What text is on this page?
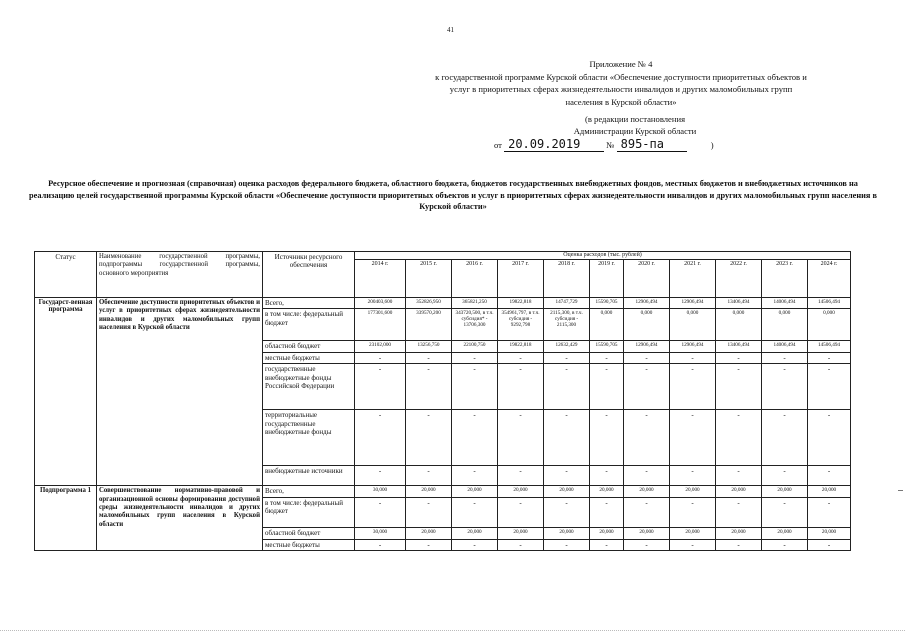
41
Приложение № 4
к государственной программе Курской области «Обеспечение доступности приоритетных объектов и
услуг в приоритетных сферах жизнедеятельности инвалидов и других маломобильных групп
населения в Курской области»
(в редакции постановления
Администрации Курской области
от 20.09.2019	№ 895-па	)
Ресурсное обеспечение и прогнозная (справочная) оценка расходов федерального бюджета, областного бюджета, бюджетов государственных внебюджетных фондов, местных бюджетов и внебюджетных источников на реализацию целей государственной программы Курской области «Обеспечение доступности приоритетных объектов и услуг в приоритетных сферах жизнедеятельности инвалидов и других маломобильных групп населения в Курской области»
Статус	Наименование государственной программы, подпрограммы государственной программы, основного мероприятия	Источники ресурсного обеспечения	Оценка расходов (тыс. рублей)										
			2014 г.	2015 г.	2016 г.	2017 г.	2018 г.	2019 г.	2020 г.	2021 г.	2022 г.	2023 г.	2024 г.
Государст-венная программа	Обеспечение доступности приоритетных объектов и услуг в приоритетных сферах жизнедеятельности инвалидов и других маломобильных групп населения в Курской области	Всего,	200403,600	352826,950	365821,250	19822,818	14747,729	15590,705	12906,494	12906,494	13406,494	14006,494	14506,494
		в том числе: федеральный бюджет	177301,600	339570,200	343720,500, в т.ч. субсидия* - 13706,300	354961,797, в т.ч. субсидия - 9292,798	2115,300, в т.ч. субсидия - 2115,300	0,000	0,000	0,000	0,000	0,000	0,000
		областной бюджет	23102,000	13256,750	22100,750	19822,818	12632,429	15590,705	12906,494	12906,494	13406,494	14006,494	14506,494
		местные бюджеты	-	-	-	-	-	-	-	-	-	-	-
		государственные внебюджетные фонды Российской Федерации	-	-	-	-	-	-	-	-	-	-	-
		территориальные государственные внебюджетные фонды	-	-	-	-	-	-	-	-	-	-	-
		внебюджетные источники	-	-	-	-	-	-	-	-	-	-	-
Подпрограмма 1	Совершенствование нормативно-правовой и организационной основы формирования доступной среды жизнедеятельности инвалидов и других маломобильных групп населения в Курской области	Всего,	30,000	20,000	20,000	20,000	20,000	20,000	20,000	20,000	20,000	20,000	20,000
		в том числе: федеральный бюджет	-	-	-	-	-	-	-	-	-	-	-
		областной бюджет	30,000	20,000	20,000	20,000	20,000	20,000	20,000	20,000	20,000	20,000	20,000
		местные бюджеты	-	-	-	-	-	-	-	-	-	-	-
